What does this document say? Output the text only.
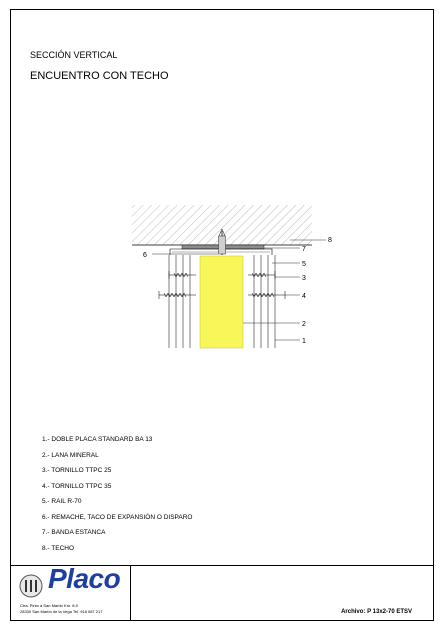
SECCIÓN VERTICAL
ENCUENTRO CON TECHO
8
7
5
3
4
2
1
6
1.- DOBLE PLACA STANDARD BA 13
2.- LANA MINERAL
3.- TORNILLO TTPC 25
4.- TORNILLO TTPC 35
5.- RAIL R-70
6.- REMACHE, TACO DE EXPANSIÓN O DISPARO
7.- BANDA ESTANCA
8.- TECHO
Placo
Ctra. Pinto a San Martín Km. 8,9
28330 San Martín de la Vega Tel. 918 087 217	Archivo: P 13x2-70 ETSV
